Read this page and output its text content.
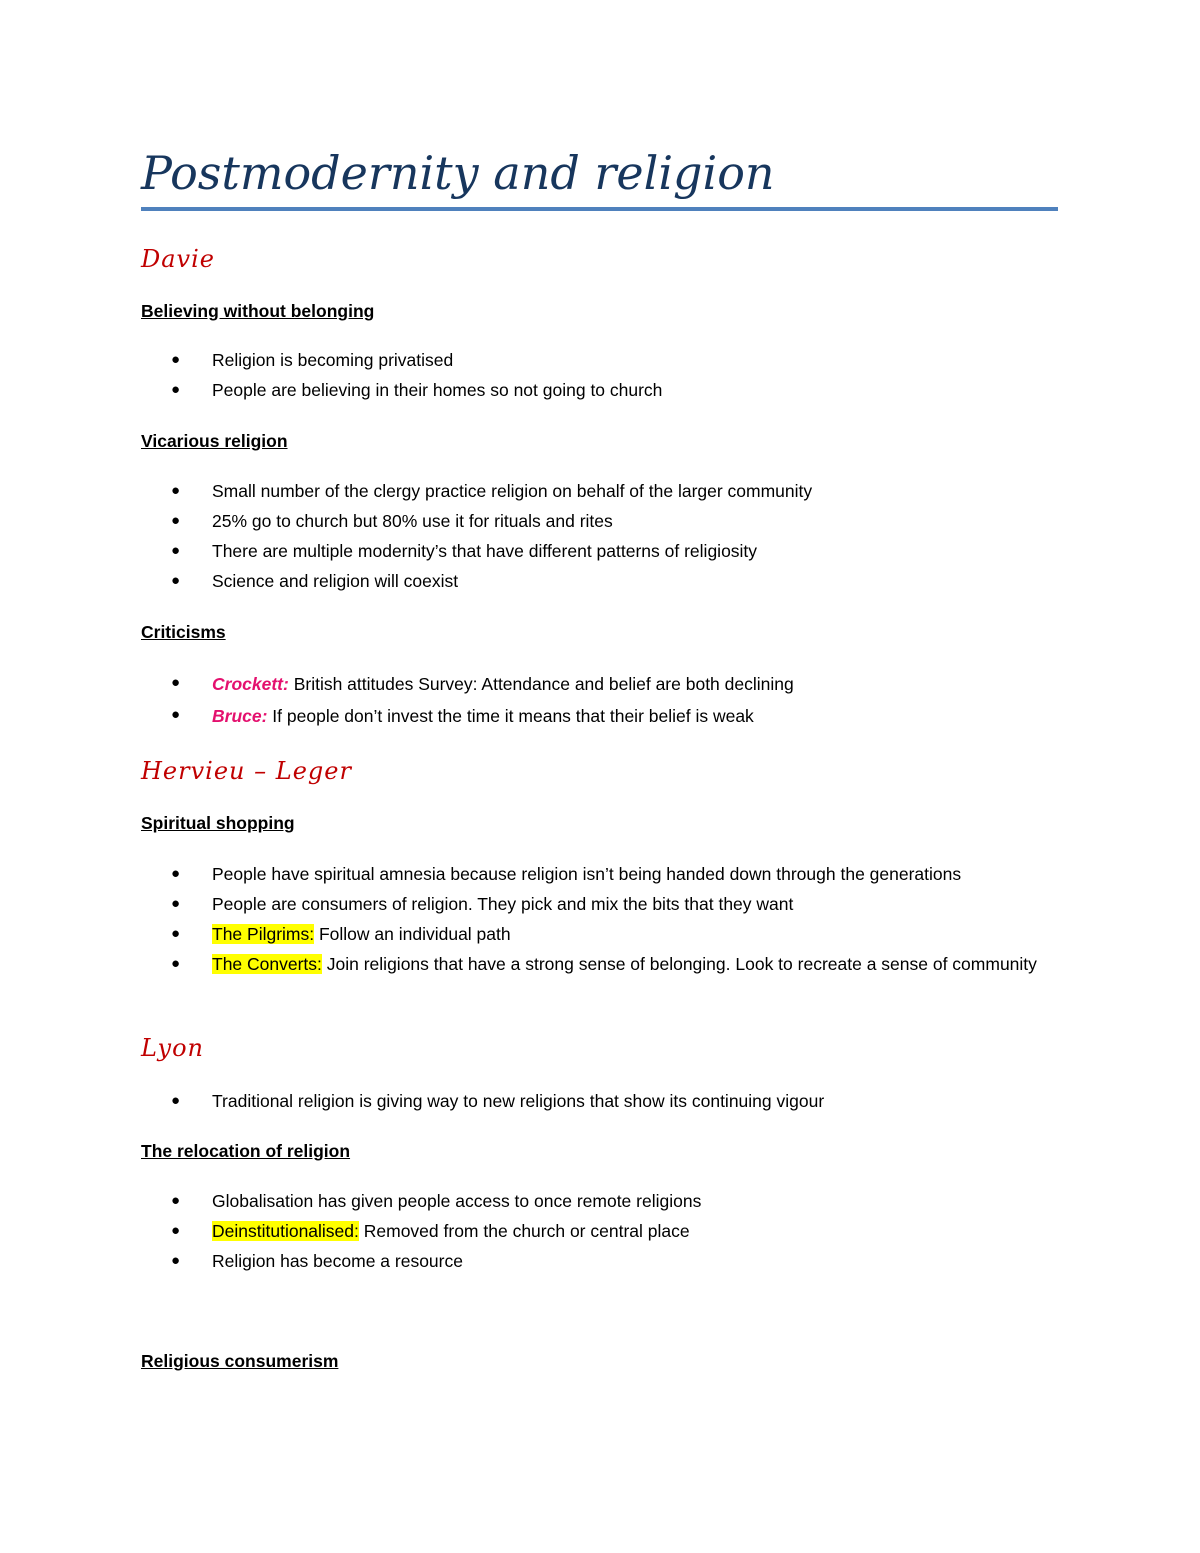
Postmodernity and religion
Davie
Believing without belonging
● Religion is becoming privatised
● People are believing in their homes so not going to church
Vicarious religion
● Small number of the clergy practice religion on behalf of the larger community
● 25% go to church but 80% use it for rituals and rites
● There are multiple modernity’s that have different patterns of religiosity
● Science and religion will coexist
Criticisms
● Crockett: British attitudes Survey: Attendance and belief are both declining
● Bruce: If people don’t invest the time it means that their belief is weak
Hervieu – Leger
Spiritual shopping
● People have spiritual amnesia because religion isn’t being handed down through the generations
● People are consumers of religion. They pick and mix the bits that they want
● The Pilgrims: Follow an individual path
● The Converts: Join religions that have a strong sense of belonging. Look to recreate a sense of community
Lyon
● Traditional religion is giving way to new religions that show its continuing vigour
The relocation of religion
● Globalisation has given people access to once remote religions
● Deinstitutionalised: Removed from the church or central place
● Religion has become a resource
Religious consumerism
